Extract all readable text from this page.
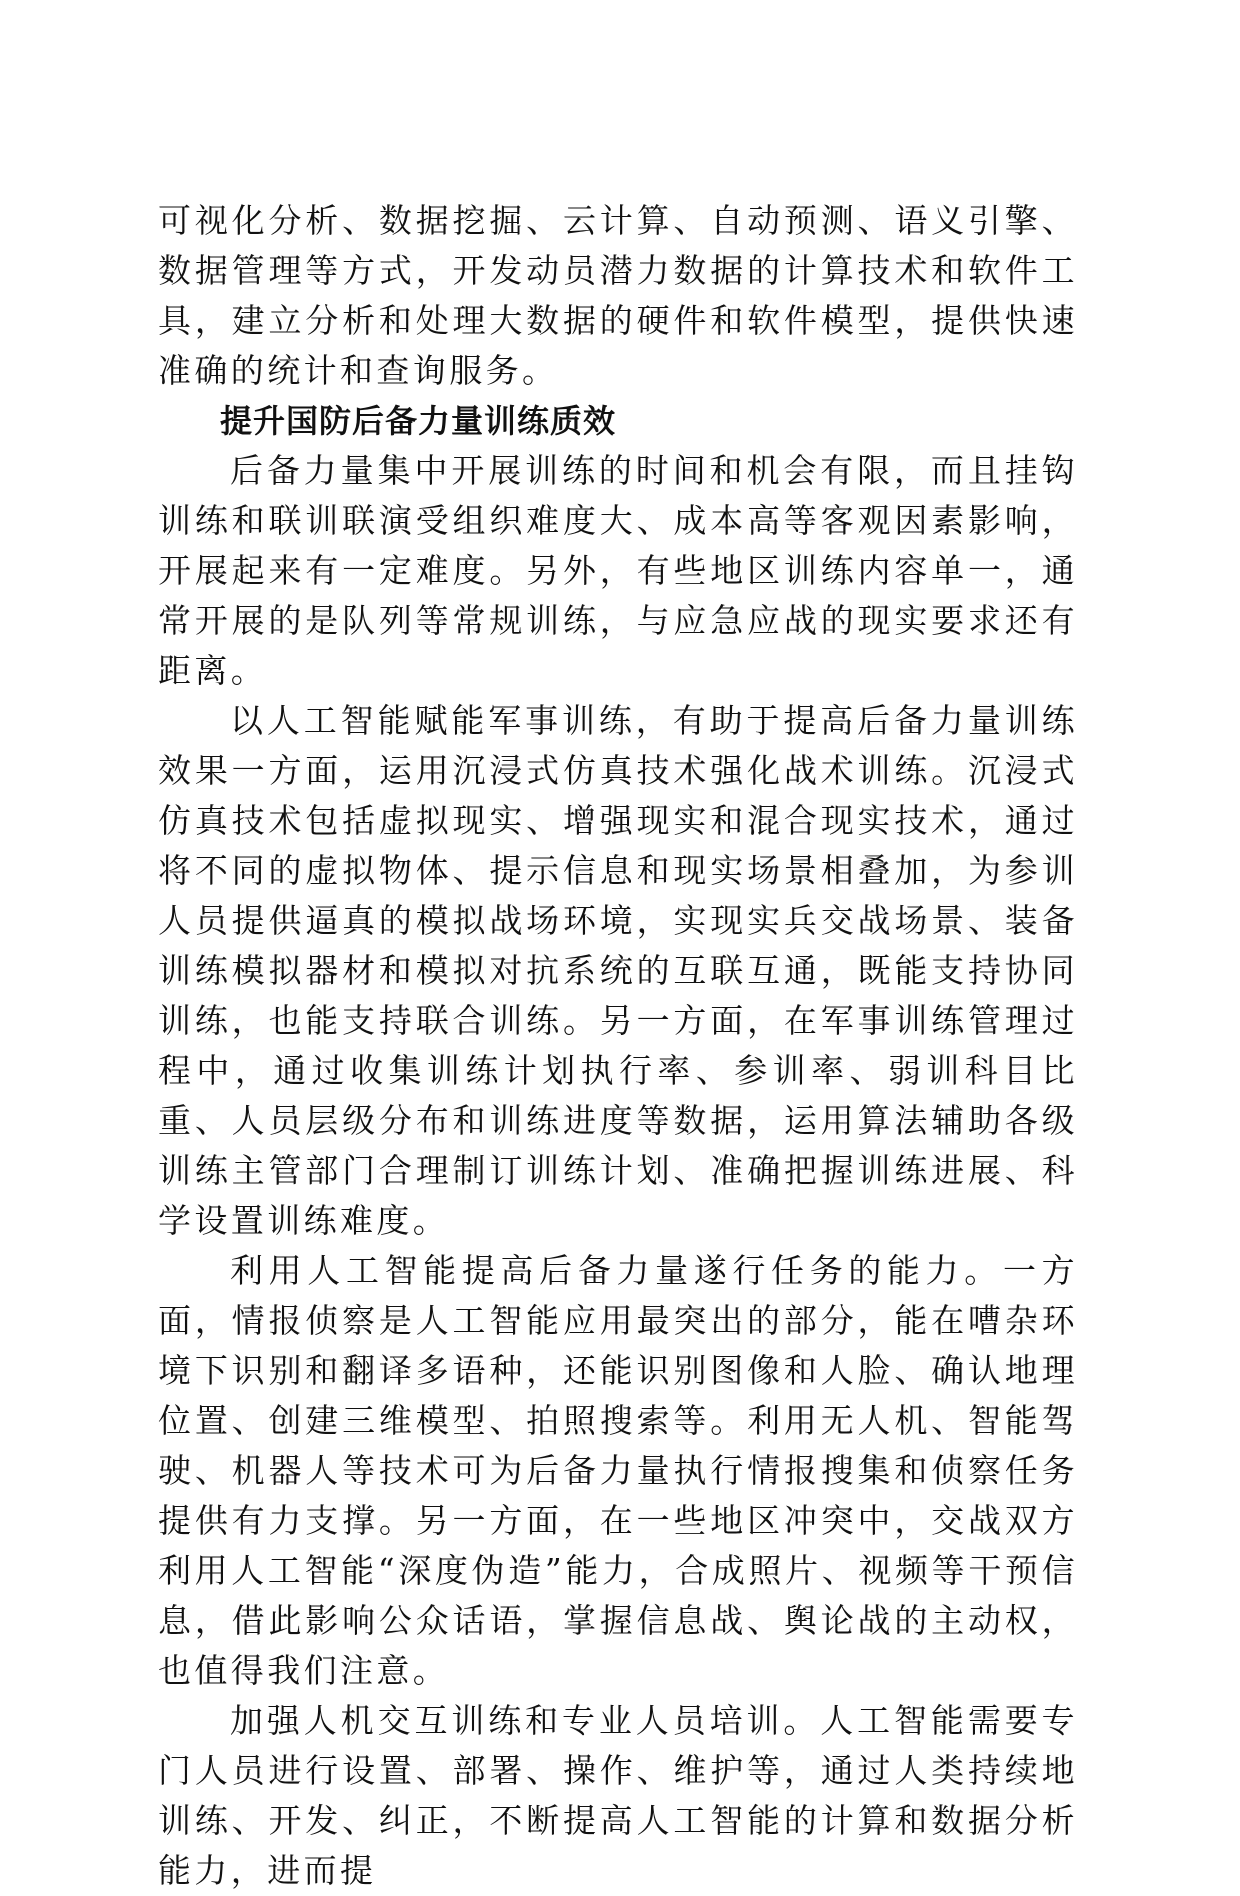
可视化分析、数据挖掘、云计算、自动预测、语义引擎、数据管理等方式，开发动员潜力数据的计算技术和软件工具，建立分析和处理大数据的硬件和软件模型，提供快速准确的统计和查询服务。

提升国防后备力量训练质效

后备力量集中开展训练的时间和机会有限，而且挂钩训练和联训联演受组织难度大、成本高等客观因素影响，开展起来有一定难度。另外，有些地区训练内容单一，通常开展的是队列等常规训练，与应急应战的现实要求还有距离。

以人工智能赋能军事训练，有助于提高后备力量训练效果一方面，运用沉浸式仿真技术强化战术训练。沉浸式仿真技术包括虚拟现实、增强现实和混合现实技术，通过将不同的虚拟物体、提示信息和现实场景相叠加，为参训人员提供逼真的模拟战场环境，实现实兵交战场景、装备训练模拟器材和模拟对抗系统的互联互通，既能支持协同训练，也能支持联合训练。另一方面，在军事训练管理过程中，通过收集训练计划执行率、参训率、弱训科目比重、人员层级分布和训练进度等数据，运用算法辅助各级训练主管部门合理制订训练计划、准确把握训练进展、科学设置训练难度。

利用人工智能提高后备力量遂行任务的能力。一方面，情报侦察是人工智能应用最突出的部分，能在嘈杂环境下识别和翻译多语种，还能识别图像和人脸、确认地理位置、创建三维模型、拍照搜索等。利用无人机、智能驾驶、机器人等技术可为后备力量执行情报搜集和侦察任务提供有力支撑。另一方面，在一些地区冲突中，交战双方利用人工智能“深度伪造”能力，合成照片、视频等干预信息，借此影响公众话语，掌握信息战、舆论战的主动权，也值得我们注意。

加强人机交互训练和专业人员培训。人工智能需要专门人员进行设置、部署、操作、维护等，通过人类持续地训练、开发、纠正，不断提高人工智能的计算和数据分析能力，进而提
